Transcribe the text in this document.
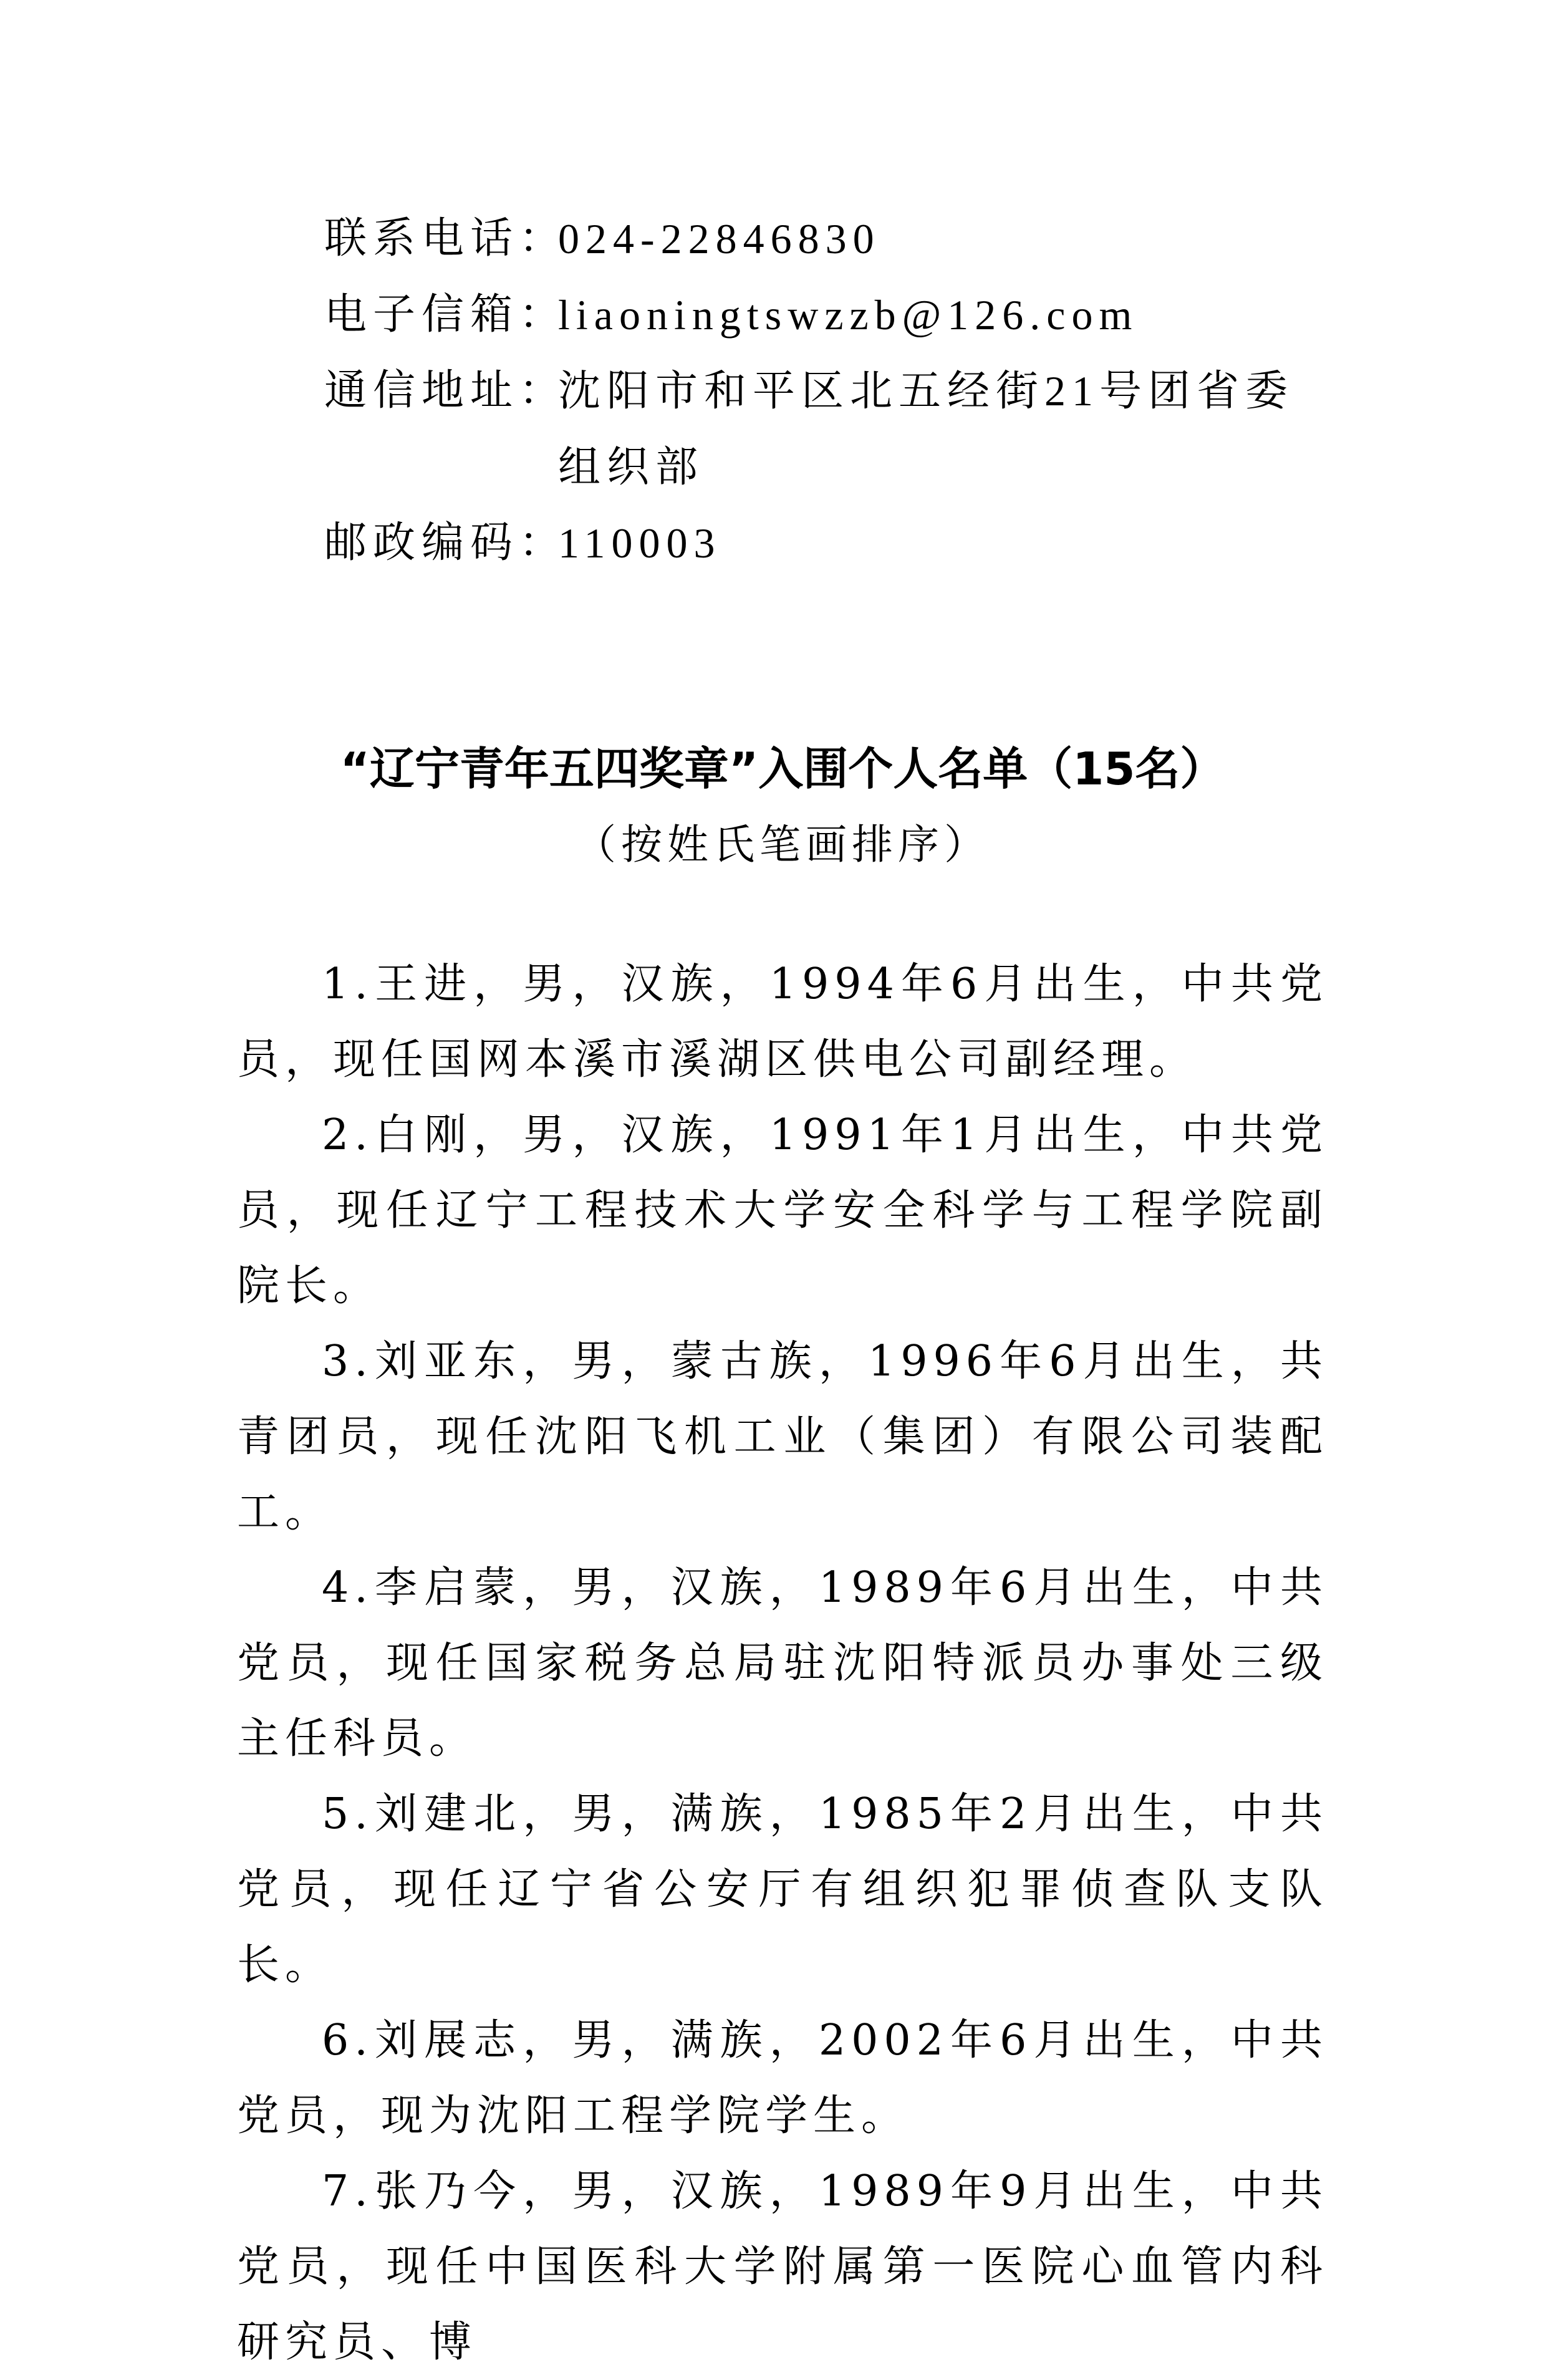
联系电话：
024-22846830
电子信箱：
liaoningtswzzb@126.com
通信地址：
沈阳市和平区北五经街21号团省委组织部
邮政编码：
110003
“辽宁青年五四奖章”入围个人名单（15名）
（按姓氏笔画排序）

1.王进，男，汉族，1994年6月出生，中共党员，现任国网本溪市溪湖区供电公司副经理。

2.白刚，男，汉族，1991年1月出生，中共党员，现任辽宁工程技术大学安全科学与工程学院副院长。

3.刘亚东，男，蒙古族，1996年6月出生，共青团员，现任沈阳飞机工业（集团）有限公司装配工。

4.李启蒙，男，汉族，1989年6月出生，中共党员，现任国家税务总局驻沈阳特派员办事处三级主任科员。

5.刘建北，男，满族，1985年2月出生，中共党员，现任辽宁省公安厅有组织犯罪侦查队支队长。

6.刘展志，男，满族，2002年6月出生，中共党员，现为沈阳工程学院学生。

7.张乃今，男，汉族，1989年9月出生，中共党员，现任中国医科大学附属第一医院心血管内科研究员、博
